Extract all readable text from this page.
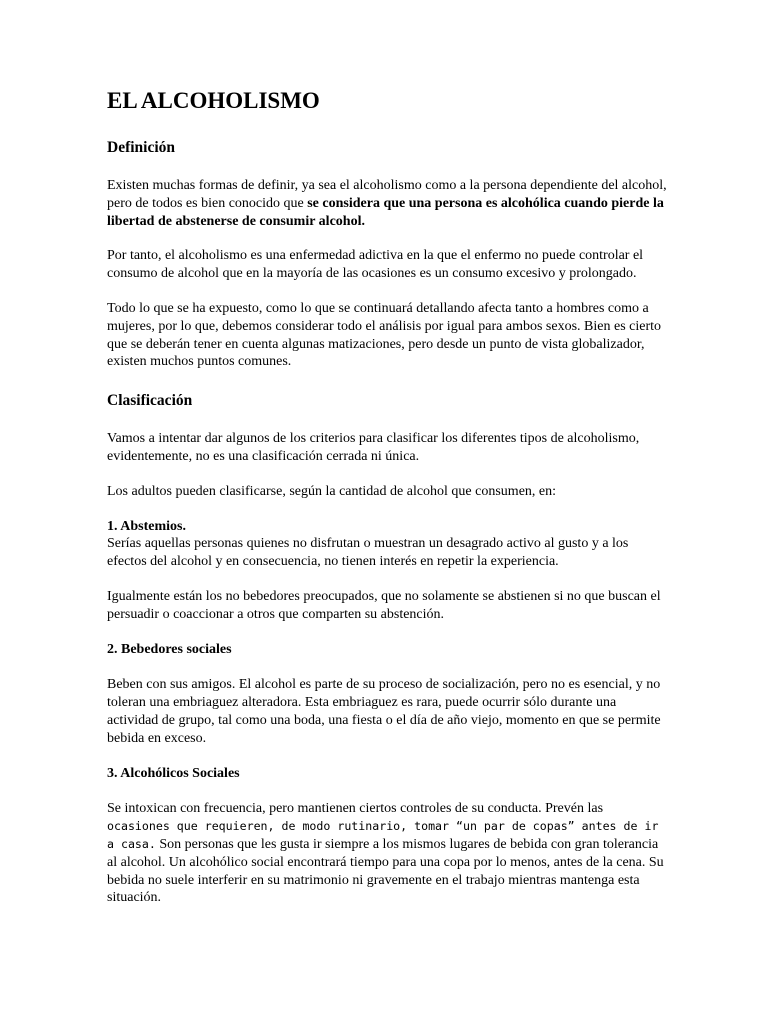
EL ALCOHOLISMO
Definición

Existen muchas formas de definir, ya sea el alcoholismo como a la persona dependiente del alcohol, pero de todos es bien conocido que se considera que una persona es alcohólica cuando pierde la libertad de abstenerse de consumir alcohol.

Por tanto, el alcoholismo es una enfermedad adictiva en la que el enfermo no puede controlar el consumo de alcohol que en la mayoría de las ocasiones es un consumo excesivo y prolongado.

Todo lo que se ha expuesto, como lo que se continuará detallando afecta tanto a hombres como a mujeres, por lo que, debemos considerar todo el análisis por igual para ambos sexos. Bien es cierto que se deberán tener en cuenta algunas matizaciones, pero desde un punto de vista globalizador, existen muchos puntos comunes.

Clasificación

Vamos a intentar dar algunos de los criterios para clasificar los diferentes tipos de alcoholismo, evidentemente, no es una clasificación cerrada ni única.

Los adultos pueden clasificarse, según la cantidad de alcohol que consumen, en:

1. Abstemios.
Serías aquellas personas quienes no disfrutan o muestran un desagrado activo al gusto y a los efectos del alcohol y en consecuencia, no tienen interés en repetir la experiencia.

Igualmente están los no bebedores preocupados, que no solamente se abstienen si no que buscan el persuadir o coaccionar a otros que comparten su abstención.

2. Bebedores sociales

Beben con sus amigos. El alcohol es parte de su proceso de socialización, pero no es esencial, y no toleran una embriaguez alteradora. Esta embriaguez es rara, puede ocurrir sólo durante una actividad de grupo, tal como una boda, una fiesta o el día de año viejo, momento en que se permite bebida en exceso.

3. Alcohólicos Sociales

Se intoxican con frecuencia, pero mantienen ciertos controles de su conducta. Prevén las
ocasiones que requieren, de modo rutinario, tomar “un par de copas” antes de ir a casa. Son personas que les gusta ir siempre a los mismos lugares de bebida con gran tolerancia al alcohol. Un alcohólico social encontrará tiempo para una copa por lo menos, antes de la cena. Su bebida no suele interferir en su matrimonio ni gravemente en el trabajo mientras mantenga esta situación.
